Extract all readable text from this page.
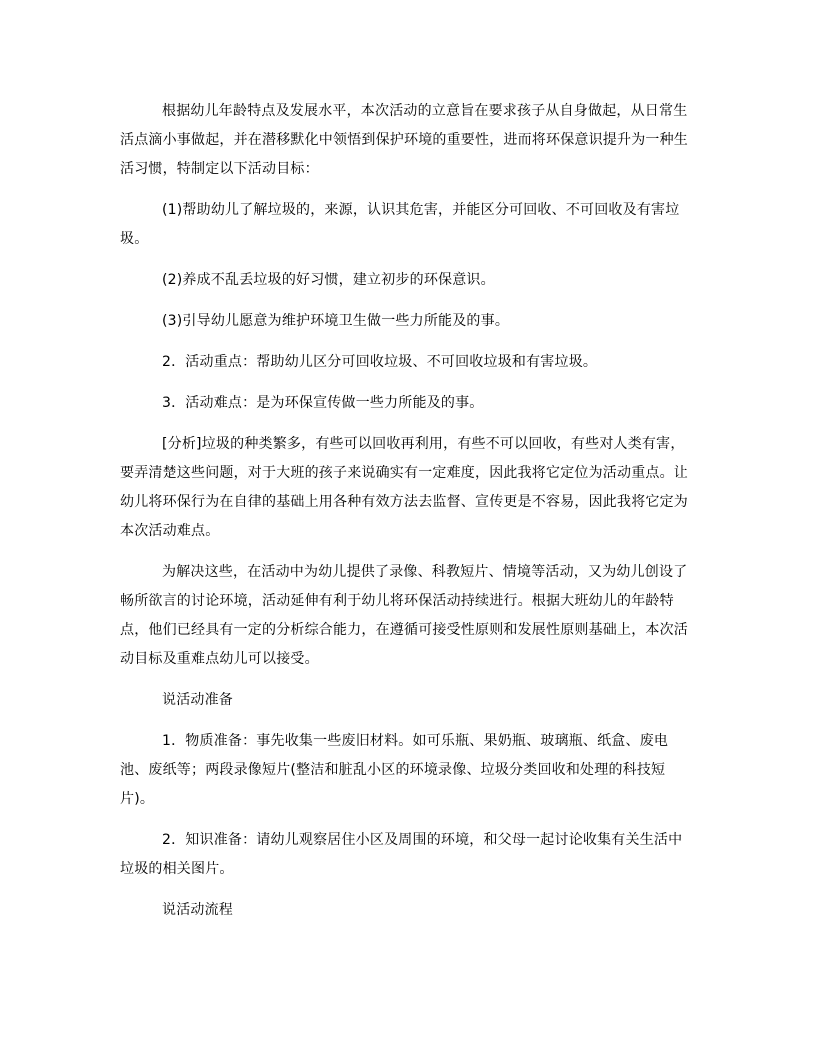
根据幼儿年龄特点及发展水平，本次活动的立意旨在要求孩子从自身做起，从日常生活点滴小事做起，并在潜移默化中领悟到保护环境的重要性，进而将环保意识提升为一种生活习惯，特制定以下活动目标：

(1)帮助幼儿了解垃圾的，来源，认识其危害，并能区分可回收、不可回收及有害垃圾。

(2)养成不乱丢垃圾的好习惯，建立初步的环保意识。

(3)引导幼儿愿意为维护环境卫生做一些力所能及的事。

2．活动重点：帮助幼儿区分可回收垃圾、不可回收垃圾和有害垃圾。

3．活动难点：是为环保宣传做一些力所能及的事。

[分析]垃圾的种类繁多，有些可以回收再利用，有些不可以回收，有些对人类有害，要弄清楚这些问题，对于大班的孩子来说确实有一定难度，因此我将它定位为活动重点。让幼儿将环保行为在自律的基础上用各种有效方法去监督、宣传更是不容易，因此我将它定为本次活动难点。

为解决这些，在活动中为幼儿提供了录像、科教短片、情境等活动，又为幼儿创设了畅所欲言的讨论环境，活动延伸有利于幼儿将环保活动持续进行。根据大班幼儿的年龄特点，他们已经具有一定的分析综合能力，在遵循可接受性原则和发展性原则基础上，本次活动目标及重难点幼儿可以接受。

说活动准备

1．物质准备：事先收集一些废旧材料。如可乐瓶、果奶瓶、玻璃瓶、纸盒、废电池、废纸等；两段录像短片(整洁和脏乱小区的环境录像、垃圾分类回收和处理的科技短片)。

2．知识准备：请幼儿观察居住小区及周围的环境，和父母一起讨论收集有关生活中垃圾的相关图片。

说活动流程
